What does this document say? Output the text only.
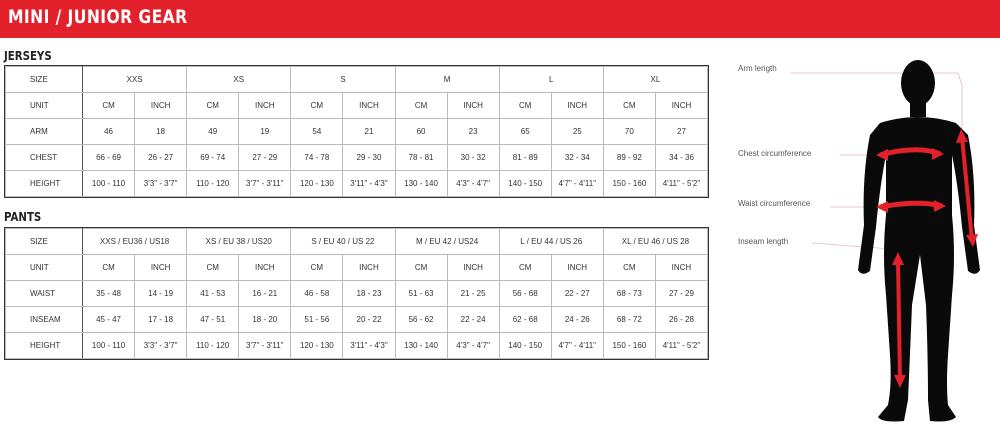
MINI / JUNIOR GEAR
JERSEYS
SIZE	XXS		XS		S		M		L		XL	
UNIT	CM	INCH	CM	INCH	CM	INCH	CM	INCH	CM	INCH	CM	INCH
ARM	46	18	49	19	54	21	60	23	65	25	70	27
CHEST	66 - 69	26 - 27	69 - 74	27 - 29	74 - 78	29 - 30	78 - 81	30 - 32	81 - 89	32 - 34	89 - 92	34 - 36
HEIGHT	100 - 110	3'3" - 3'7"	110 - 120	3'7" - 3'11"	120 - 130	3'11" - 4'3"	130 - 140	4'3" - 4'7"	140 - 150	4'7" - 4'11"	150 - 160	4'11" - 5'2"
PANTS
SIZE	XXS / EU36 / US18		XS / EU 38 / US20		S / EU 40 / US 22		M / EU 42 / US24		L / EU 44 / US 26		XL / EU 46 / US 28	
UNIT	CM	INCH	CM	INCH	CM	INCH	CM	INCH	CM	INCH	CM	INCH
WAIST	35 - 48	14 - 19	41 - 53	16 - 21	46 - 58	18 - 23	51 - 63	21 - 25	56 - 68	22 - 27	68 - 73	27 - 29
INSEAM	45 - 47	17 - 18	47 - 51	18 - 20	51 - 56	20 - 22	56 - 62	22 - 24	62 - 68	24 - 26	68 - 72	26 - 28
HEIGHT	100 - 110	3'3" - 3'7"	110 - 120	3'7" - 3'11"	120 - 130	3'11" - 4'3"	130 - 140	4'3" - 4'7"	140 - 150	4'7" - 4'11"	150 - 160	4'11" - 5'2"
Arm length
Chest circumference
Waist circumference
Inseam length
